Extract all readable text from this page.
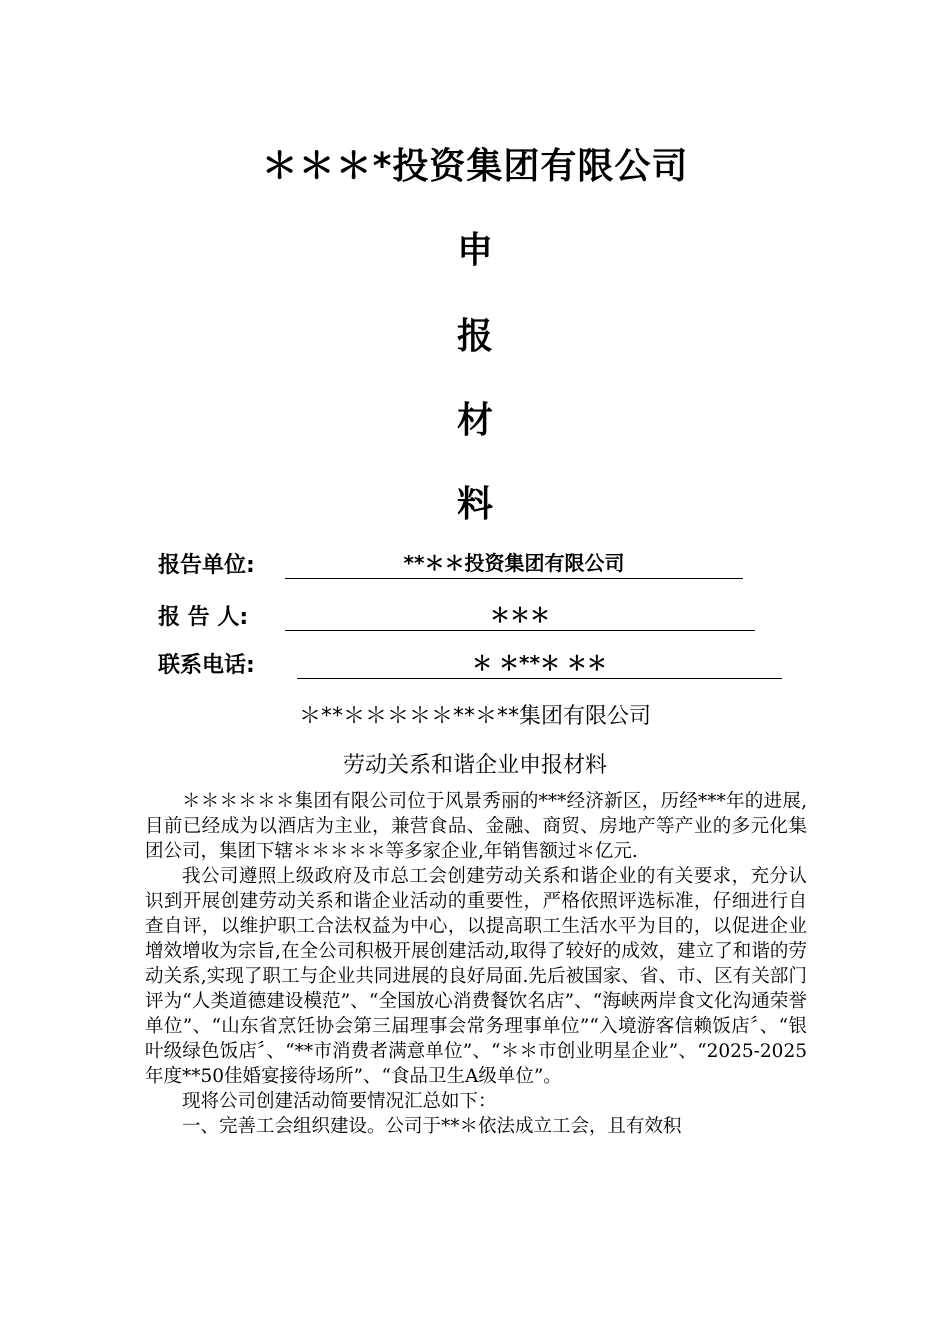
＊＊＊*投资集团有限公司
申
报
材
料
报告单位:	**＊＊投资集团有限公司
报 告 人:	＊＊＊
联系电话:	＊ ＊**＊ ＊＊
＊**＊＊＊＊＊**＊**集团有限公司
劳动关系和谐企业申报材料

＊＊＊＊＊＊集团有限公司位于风景秀丽的***经济新区，历经***年的进展,目前已经成为以酒店为主业，兼营食品、金融、商贸、房地产等产业的多元化集团公司，集团下辖＊＊＊＊＊等多家企业,年销售额过＊亿元.

我公司遵照上级政府及市总工会创建劳动关系和谐企业的有关要求，充分认识到开展创建劳动关系和谐企业活动的重要性，严格依照评选标准，仔细进行自查自评，以维护职工合法权益为中心，以提高职工生活水平为目的，以促进企业增效增收为宗旨,在全公司积极开展创建活动,取得了较好的成效，建立了和谐的劳动关系,实现了职工与企业共同进展的良好局面.先后被国家、省、市、区有关部门评为“人类道德建设模范”、“全国放心消费餐饮名店”、“海峡两岸食文化沟通荣誉单位”、“山东省烹饪协会第三届理事会常务理事单位”“入境游客信赖饭店〞、“银叶级绿色饭店〞、“**市消费者满意单位”、“＊＊市创业明星企业”、“2025-2025年度**50佳婚宴接待场所”、“食品卫生A级单位”。

现将公司创建活动简要情况汇总如下：

一、完善工会组织建设。公司于**＊依法成立工会，且有效积
